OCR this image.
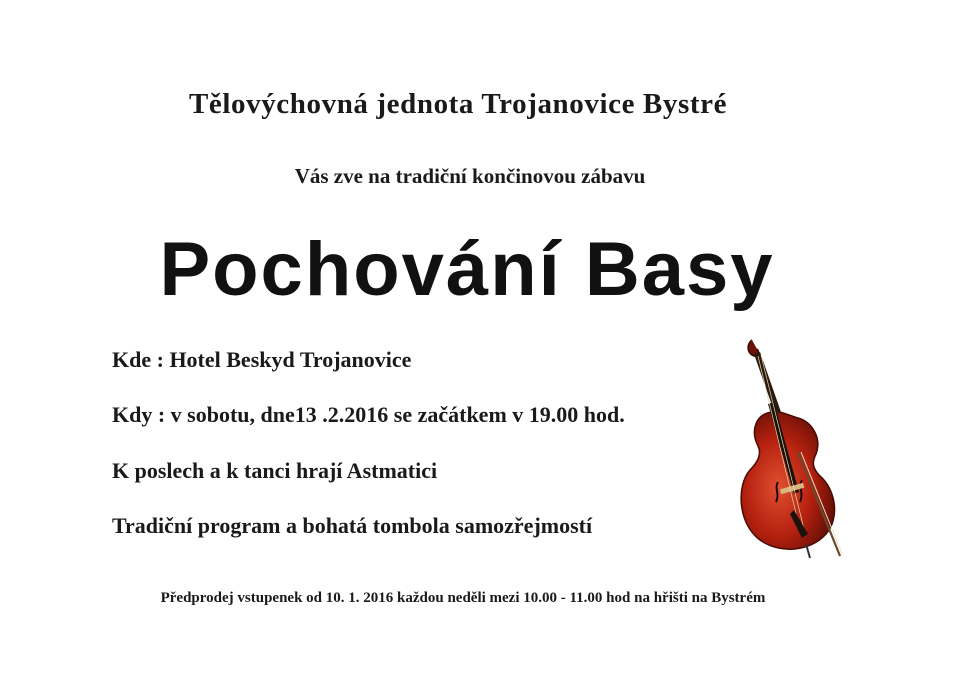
Tělovýchovná jednota Trojanovice Bystré
Vás zve na tradiční končinovou zábavu
Pochování Basy
Kde : Hotel Beskyd Trojanovice
Kdy : v sobotu, dne13 .2.2016 se začátkem v 19.00 hod.
K poslech a k tanci hrají Astmatici
Tradiční program a bohatá tombola samozřejmostí
Předprodej vstupenek od 10. 1. 2016 každou neděli mezi 10.00 - 11.00 hod na hřišti na Bystrém
